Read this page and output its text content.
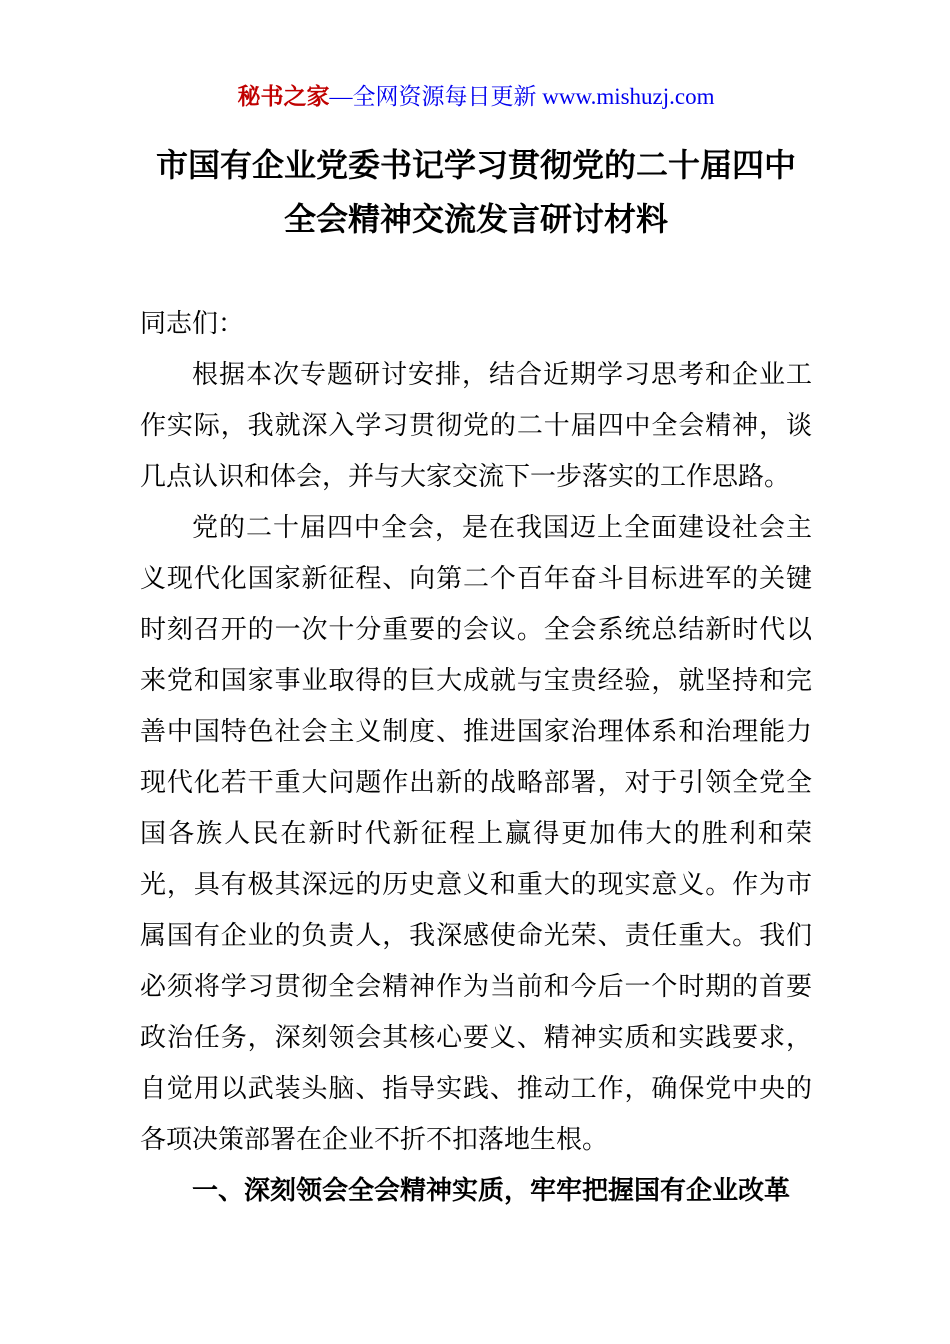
秘书之家—全网资源每日更新 www.mishuzj.com
市国有企业党委书记学习贯彻党的二十届四中
全会精神交流发言研讨材料

同志们：

根据本次专题研讨安排，结合近期学习思考和企业工作实际，我就深入学习贯彻党的二十届四中全会精神，谈几点认识和体会，并与大家交流下一步落实的工作思路。

党的二十届四中全会，是在我国迈上全面建设社会主义现代化国家新征程、向第二个百年奋斗目标进军的关键时刻召开的一次十分重要的会议。全会系统总结新时代以来党和国家事业取得的巨大成就与宝贵经验，就坚持和完善中国特色社会主义制度、推进国家治理体系和治理能力现代化若干重大问题作出新的战略部署，对于引领全党全国各族人民在新时代新征程上赢得更加伟大的胜利和荣光，具有极其深远的历史意义和重大的现实意义。作为市属国有企业的负责人，我深感使命光荣、责任重大。我们必须将学习贯彻全会精神作为当前和今后一个时期的首要政治任务，深刻领会其核心要义、精神实质和实践要求，自觉用以武装头脑、指导实践、推动工作，确保党中央的各项决策部署在企业不折不扣落地生根。

一、深刻领会全会精神实质，牢牢把握国有企业改革
